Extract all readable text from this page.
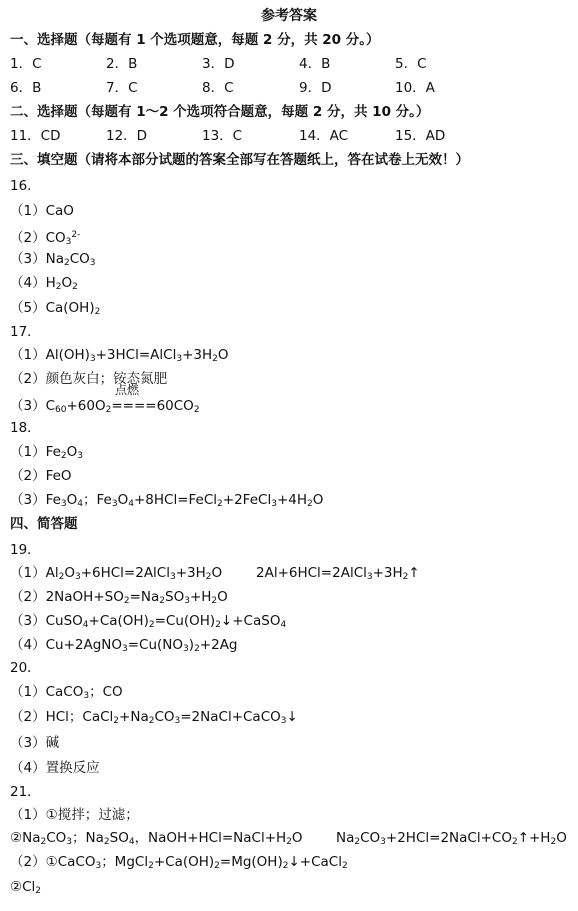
参考答案
一、选择题（每题有 1 个选项题意，每题 2 分，共 20 分。）
1．C	2．B	3．D	4．B	5．C
6．B	7．C	8．C	9．D	10．A
二、选择题（每题有 1～2 个选项符合题意，每题 2 分，共 10 分。）
11．CD	12．D	13．C	14．AC	15．AD
三、填空题（请将本部分试题的答案全部写在答题纸上，答在试卷上无效！）
16．
（1）CaO
$(2)CO_3^{2-}$
$(3)Na_2CO_3$
$(4)H_2O_2$
$(5)Ca(OH)_2$
17．
$(1)Al(OH)_3+3HCl=AlCl_3+3H_2O$
（2）颜色灰白；铵态氮肥
点燃
$(3)C_{60}+60O_2====60CO_2$
18．
$(1)Fe_2O_3$
（2）FeO
$(3)Fe_3O_4$；$Fe_3O_4+8HCl=FeCl_2+2FeCl_3+4H_2O$
四、简答题
19．
$(1)Al_2O_3+6HCl=2AlCl_3+3H_2O$	$2Al+6HCl=2AlCl_3+3H_2↑$
$(2)2NaOH+SO_2=Na_2SO_3+H_2O$
$(3)CuSO_4+Ca(OH)_2=Cu(OH)_2↓+CaSO_4$
$(4)Cu+2AgNO_3=Cu(NO_3)_2+2Ag$
20．
（1）CaCO$_3$；CO
（2）HCl；$CaCl_2+Na_2CO_3=2NaCl+CaCO_3↓$
（3）碱
（4）置换反应
21．
（1）①搅拌；过滤；
$②Na_2CO_3$；$Na_2SO_4$，$NaOH+HCl=NaCl+H_2O$ $Na_2CO_3+2HCl=2NaCl+CO_2↑+H_2O$
（2）①CaCO$_3$；$MgCl_2+Ca(OH)_2=Mg(OH)_2↓+CaCl_2$
$②Cl_2$
